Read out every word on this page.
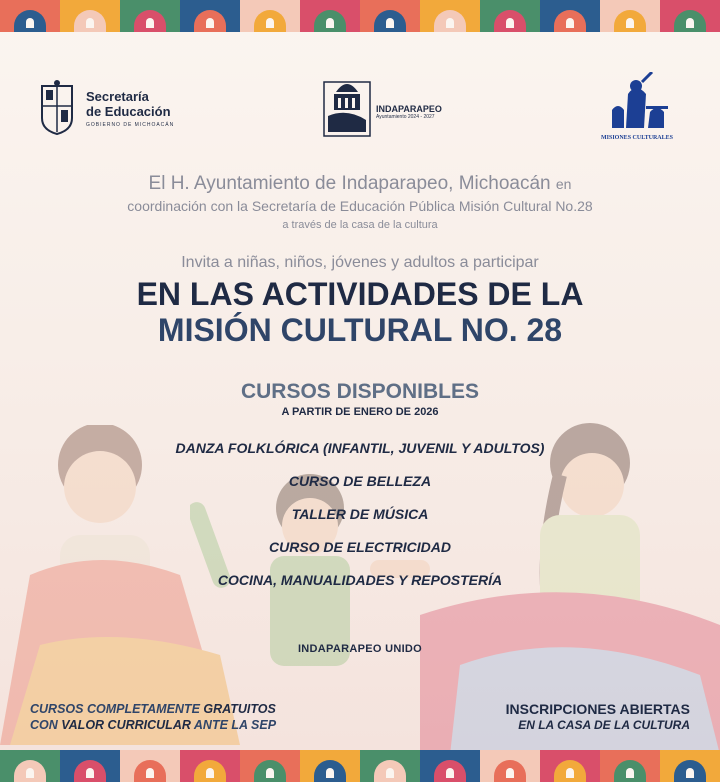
Secretaría
de Educación
GOBIERNO DE MICHOACÁN
INDAPARAPEO
Ayuntamiento 2024 - 2027
MISIONES CULTURALES
El H. Ayuntamiento de Indaparapeo, Michoacán en
coordinación con la Secretaría de Educación Pública Misión Cultural No.28
a través de la casa de la cultura
Invita a niñas, niños, jóvenes y adultos a participar
EN LAS ACTIVIDADES DE LA
MISIÓN CULTURAL NO. 28
CURSOS DISPONIBLES
A PARTIR DE ENERO DE 2026
DANZA FOLKLÓRICA (INFANTIL, JUVENIL Y ADULTOS)
CURSO DE BELLEZA
TALLER DE MÚSICA
CURSO DE ELECTRICIDAD
COCINA, MANUALIDADES Y REPOSTERÍA
INDAPARAPEO UNIDO
CURSOS COMPLETAMENTE GRATUITOS
CON VALOR CURRICULAR ANTE LA SEP
INSCRIPCIONES ABIERTAS
EN LA CASA DE LA CULTURA
